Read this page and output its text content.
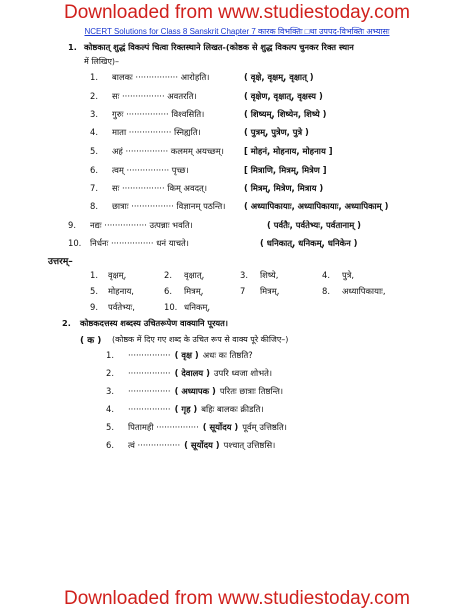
Downloaded from www.studiestoday.com
NCERT Solutions for Class 8 Sanskrit Chapter 7 कारक विभक्तिः □था उपपद-विभक्तिः अभ्यासः
1. कोष्ठकात् शुद्धं विकल्पं चित्वा रिक्तस्थाने लिखत-(कोष्ठक से शुद्ध विकल्प चुनकर रिक्त स्थान
में लिखिए)–
1. बालकः ················ आरोहति।	( वृक्षे, वृक्षम्, वृक्षात् )
2. सः ················ अवतरति।	( वृक्षेण, वृक्षात्, वृक्षस्य )
3. गुरुः ················ विश्वसिति।	( शिष्यम्, शिष्येन, शिष्ये )
4. माता ················ स्निह्यति।	( पुत्रम्, पुत्रेण, पुत्रे )
5. अहं ················ कलमम् अयच्छम्। [ मोहनं, मोहनाय, मोहनाय ]
6. त्वम् ················ पृच्छ।	[ मित्राणि, मित्रम्, मित्रेण ]
7. सः ················ किम् अवदत्।	( मित्रम्, मित्रेण, मित्राय )
8. छात्राः ················ विज्ञानम् पठन्ति। ( अध्यापिकायाः, अध्यापिकायाः, अध्यापिकाम् )
9. नद्यः ················ उत्पन्नाः भवति।	( पर्वतैः, पर्वतेभ्यः, पर्वतानाम् )
10. निर्धनः ················ धनं याचते।	( धनिकात्, धनिकम्, धनिकेन )
उत्तरम्–
1. वृक्षम्,	2. वृक्षात्,	3. शिष्ये,	4. पुत्रे,
5. मोहनाय,	6. मित्रम्,	7 मित्रम्,	8. अध्यापिकायाः,
9. पर्वतेभ्यः,	10. धनिकम्,
2. कोष्ठकदत्तस्य शब्दस्य उचितरूपेण वाक्यानि पूरयत।
( क ) (कोष्ठक में दिए गए शब्द के उचित रूप से वाक्य पूरे कीजिए–)
1. ················ ( वृक्ष ) अधः कः तिष्ठति?
2. ················ ( देवालय ) उपरि ध्वजा शोभते।
3. ················ ( अध्यापक ) परितः छात्राः तिष्ठन्ति।
4. ················ ( गृह ) बहिः बालकः क्रीडति।
5. पितामही ················ ( सूर्योदय ) पूर्वम् उत्तिष्ठति।
6. त्वं ················ ( सूर्योदय ) पश्चात् उत्तिष्ठसि।
Downloaded from www.studiestoday.com
